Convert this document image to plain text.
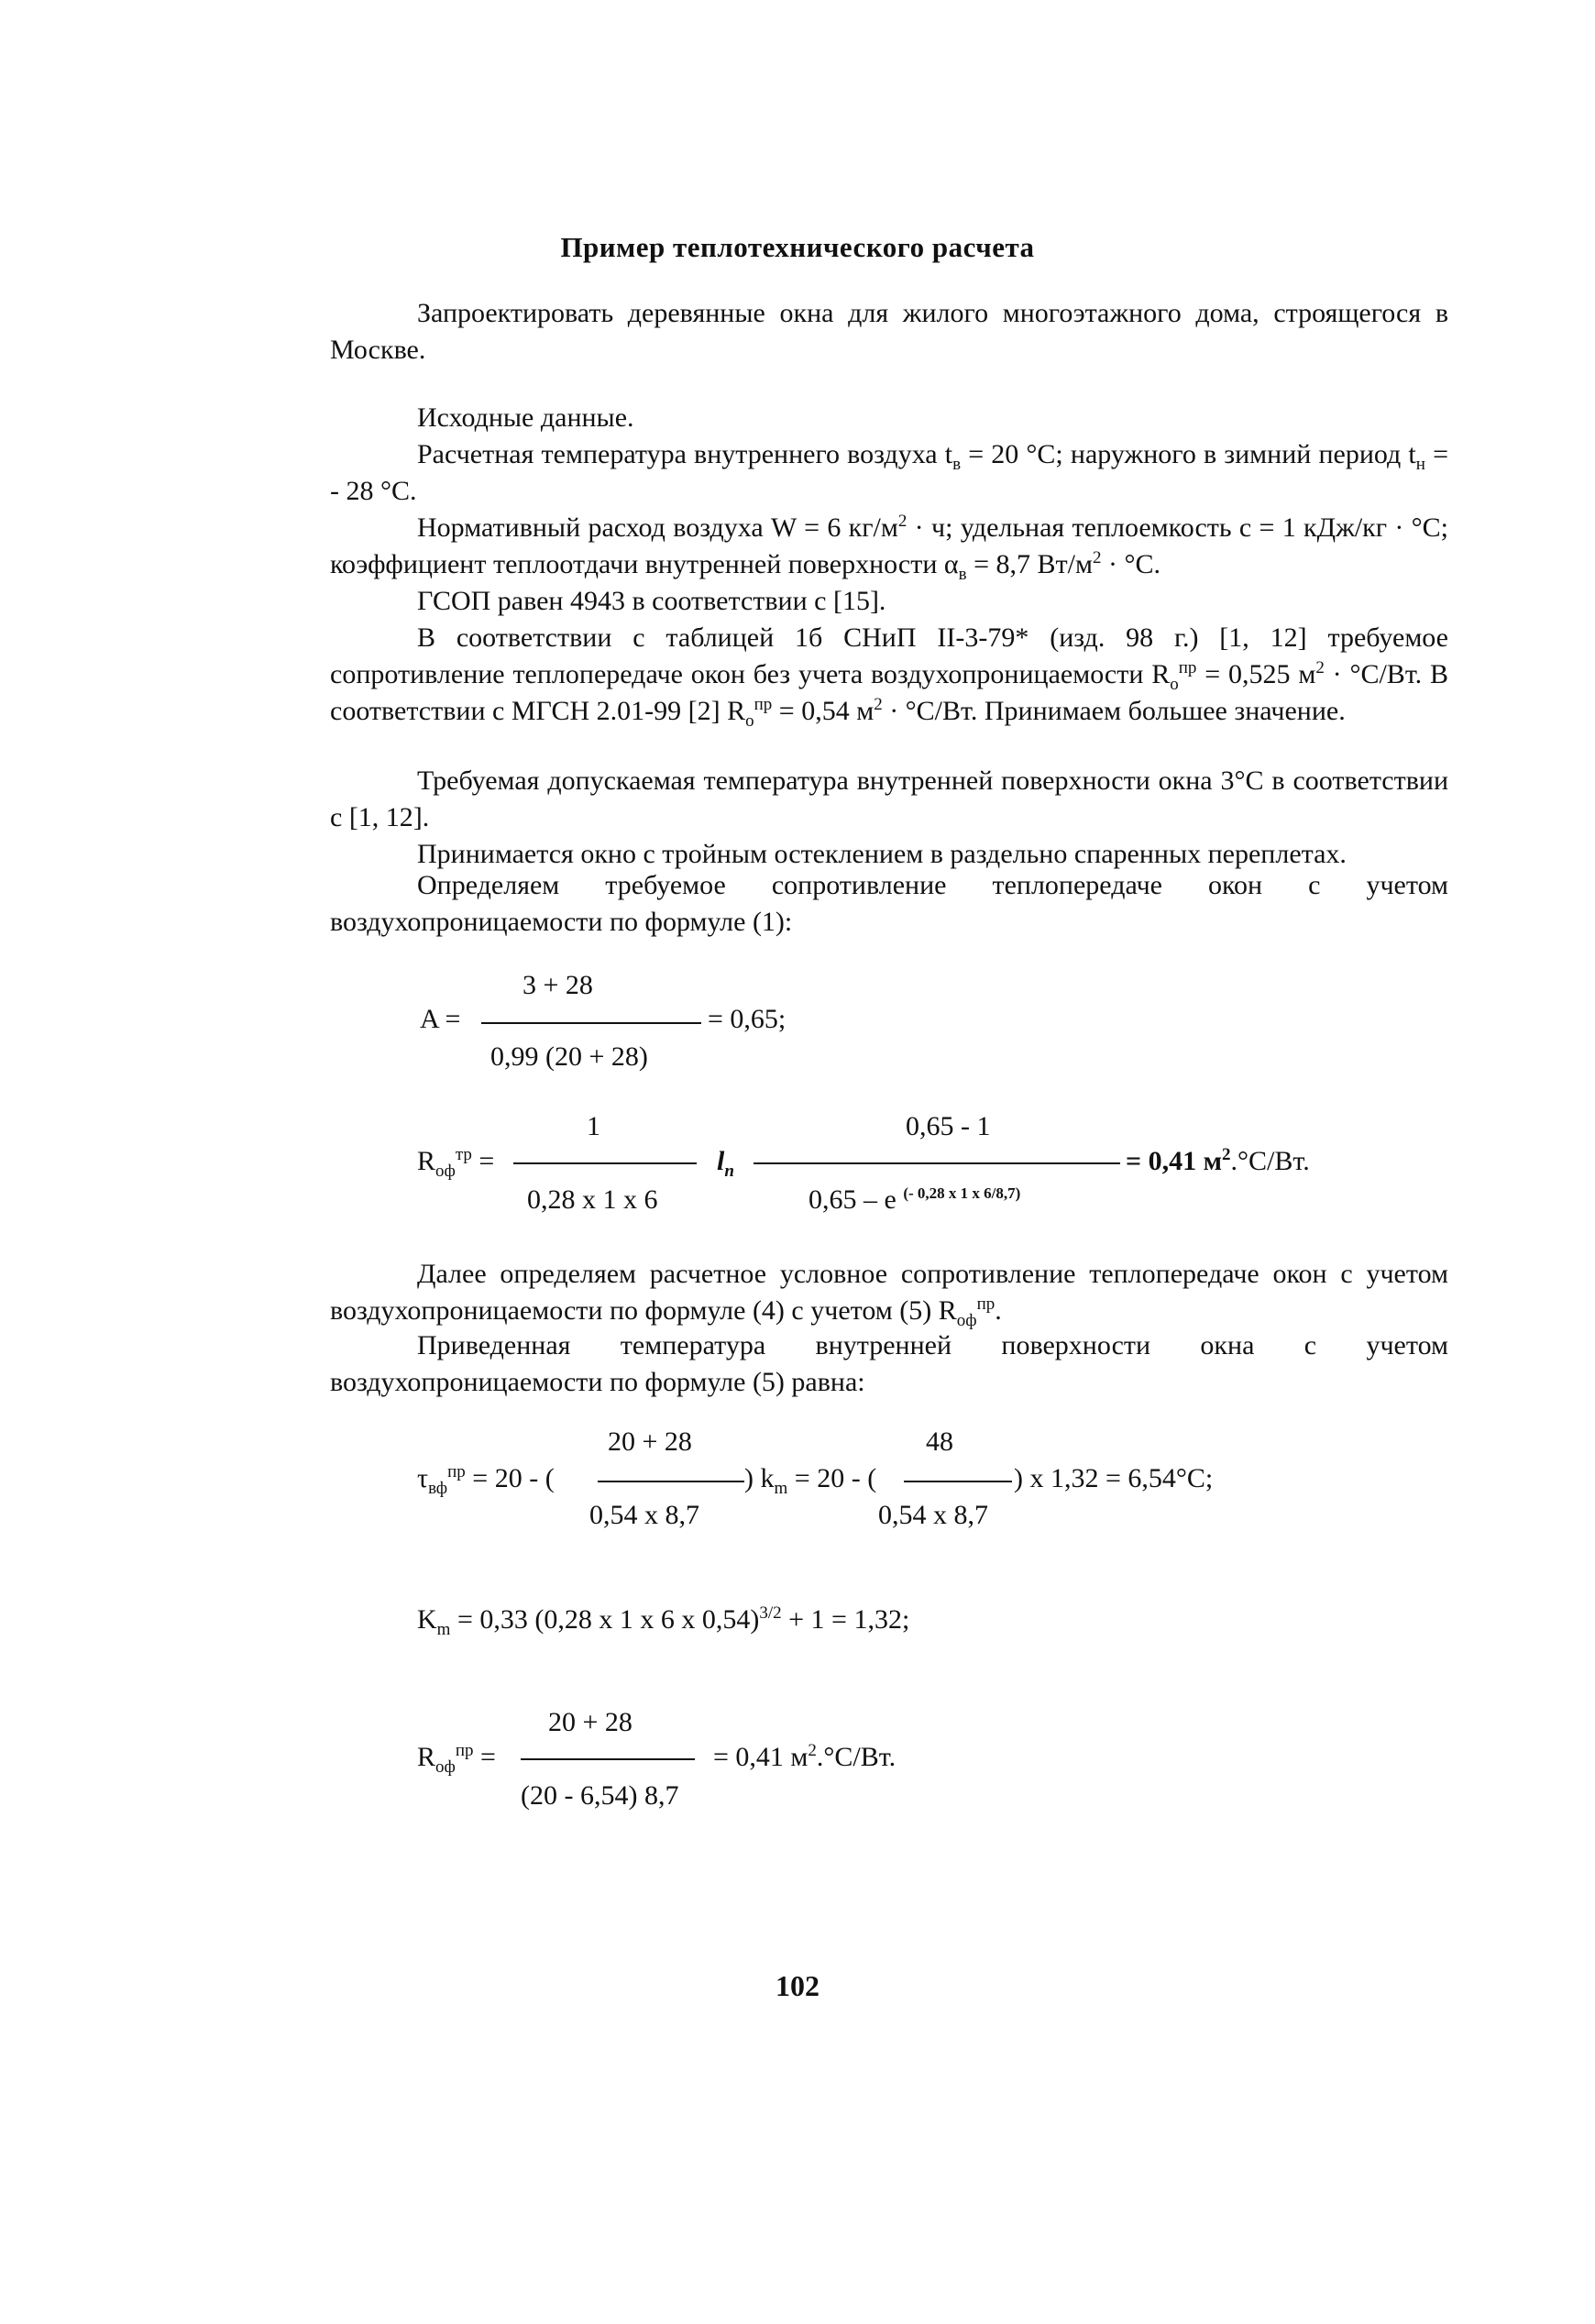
Пример теплотехнического расчета
Запроектировать деревянные окна для жилого многоэтажного дома, строящегося в Москве.
Исходные данные.
Расчетная температура внутреннего воздуха $t_в = 20$ °С; наружного в зимний период $t_н$ = - 28 °С.
Нормативный расход воздуха W = 6 $кг/м^2 \cdot ч$; удельная теплоемкость с = 1 кДж/кг · °С; коэффициент теплоотдачи внутренней поверхности $\alpha_в = 8,7$ $Вт/м^2 \cdot ^\circ С$.
ГСОП равен 4943 в соответствии с [15].
В соответствии с таблицей 1б СНиП II-3-79* (изд. 98 г.) [1, 12] требуемое сопротивление теплопередаче окон без учета воздухопроницаемости $R_о^{пр} = 0,525$ $м^2 \cdot ^\circ С/Вт$. В соответствии с МГСН 2.01-99 [2] $R_о^{пр} = 0,54$ $м^2 \cdot ^\circ С/Вт$. Принимаем большее значение.
Требуемая допускаемая температура внутренней поверхности окна 3°С в соответствии с [1, 12].
Принимается окно с тройным остеклением в раздельно спаренных переплетах.
Определяем требуемое сопротивление теплопередаче окон с учетом воздухопроницаемости по формуле (1):
3 + 28
A =	= 0,65;
0,99 (20 + 28)
1	0,65 - 1
$R_{оф}^{тр}$ =	$l_n$	= 0,41 $м^2.^\circ С/Вт$.
0,28 x 1 x 6	0,65 – e $^{(- 0,28 x 1 x 6/8,7)}$
Далее определяем расчетное условное сопротивление теплопередаче окон с учетом воздухопроницаемости по формуле (4) с учетом (5) $R_{оф}^{пр}$.
Приведенная температура внутренней поверхности окна с учетом воздухопроницаемости по формуле (5) равна:
20 + 28	48
$\tau_{вф}^{пр} = 20$ - (	) $k_m = 20$ - (	) x 1,32 = 6,54°С;
0,54 x 8,7	0,54 x 8,7
$K_m = 0,33$ (0,28 x 1 x 6 x 0,54)$^{3/2}$ + 1 = 1,32;
20 + 28
$R_{оф}^{пр}$ =	= 0,41 $м^2.^\circ С/Вт$.
(20 - 6,54) 8,7
102
